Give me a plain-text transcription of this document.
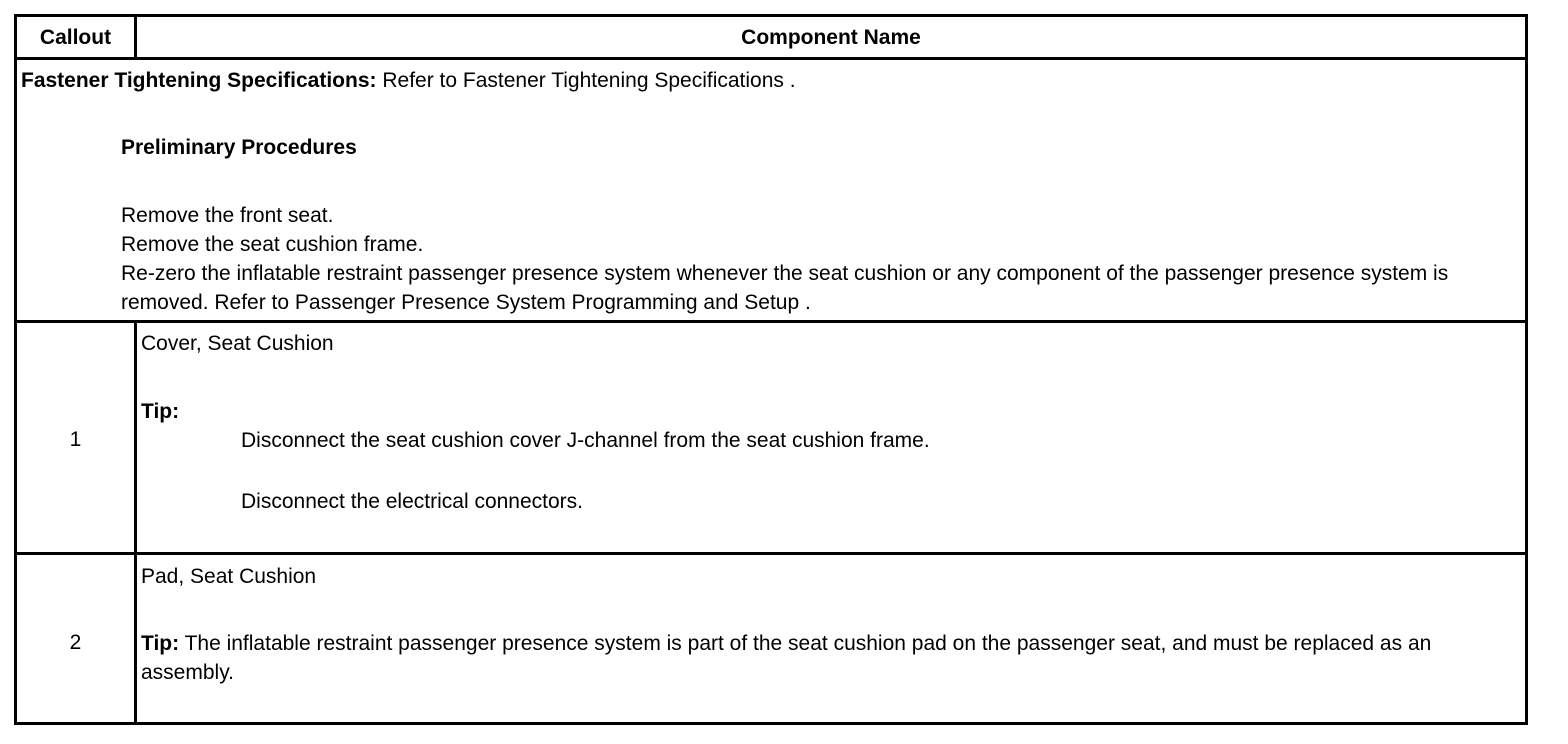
Callout	Component Name
Fastener Tightening Specifications: Refer to Fastener Tightening Specifications .
Preliminary Procedures
Remove the front seat.
Remove the seat cushion frame.
Re-zero the inflatable restraint passenger presence system whenever the seat cushion or any component of the passenger presence system is removed. Refer to Passenger Presence System Programming and Setup .
1
Cover, Seat Cushion
Tip:
Disconnect the seat cushion cover J-channel from the seat cushion frame.
Disconnect the electrical connectors.
2
Pad, Seat Cushion
Tip: The inflatable restraint passenger presence system is part of the seat cushion pad on the passenger seat, and must be replaced as an assembly.
